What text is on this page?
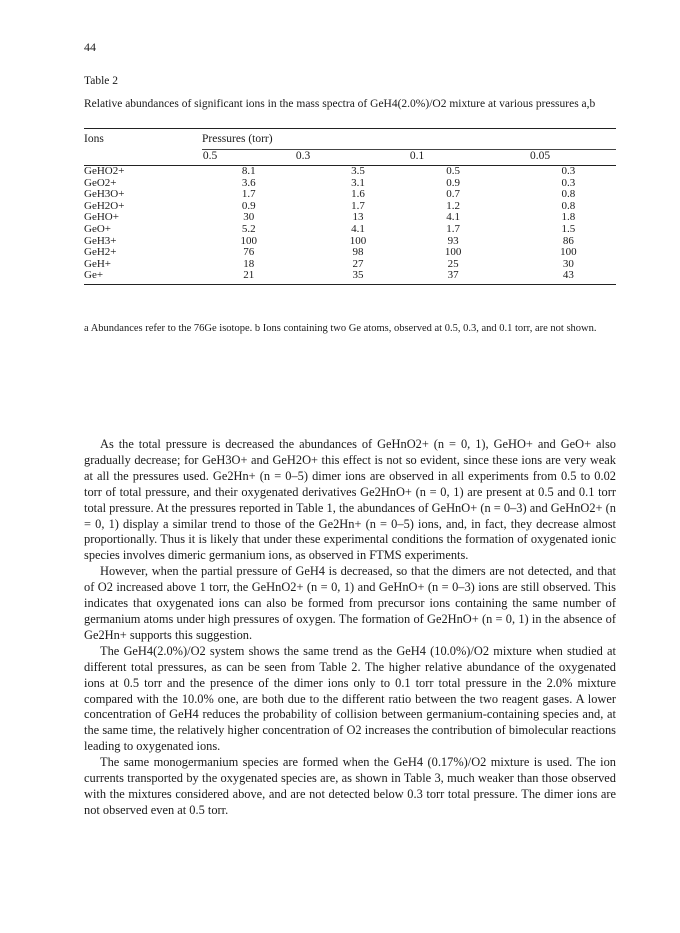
44
Table 2
Relative abundances of significant ions in the mass spectra of GeH4(2.0%)/O2 mixture at various pressures a,b
Ions	Pressures (torr)
0.5	0.3	0.1	0.05
GeHO2+	8.1	3.5	0.5	0.3
GeO2+	3.6	3.1	0.9	0.3
GeH3O+	1.7	1.6	0.7	0.8
GeH2O+	0.9	1.7	1.2	0.8
GeHO+	30	13	4.1	1.8
GeO+	5.2	4.1	1.7	1.5
GeH3+	100	100	93	86
GeH2+	76	98	100	100
GeH+	18	27	25	30
Ge+	21	35	37	43
a Abundances refer to the 76Ge isotope. b Ions containing two Ge atoms, observed at 0.5, 0.3, and 0.1 torr, are not shown.

As the total pressure is decreased the abundances of GeHnO2+ (n = 0, 1), GeHO+ and GeO+ also gradually decrease; for GeH3O+ and GeH2O+ this effect is not so evident, since these ions are very weak at all the pressures used. Ge2Hn+ (n = 0–5) dimer ions are observed in all experiments from 0.5 to 0.02 torr of total pressure, and their oxygenated derivatives Ge2HnO+ (n = 0, 1) are present at 0.5 and 0.1 torr total pressure. At the pressures reported in Table 1, the abundances of GeHnO+ (n = 0–3) and GeHnO2+ (n = 0, 1) display a similar trend to those of the Ge2Hn+ (n = 0–5) ions, and, in fact, they decrease almost proportionally. Thus it is likely that under these experimental conditions the formation of oxygenated ionic species involves dimeric germanium ions, as observed in FTMS experiments.

However, when the partial pressure of GeH4 is decreased, so that the dimers are not detected, and that of O2 increased above 1 torr, the GeHnO2+ (n = 0, 1) and GeHnO+ (n = 0–3) ions are still observed. This indicates that oxygenated ions can also be formed from precursor ions containing the same number of germanium atoms under high pressures of oxygen. The formation of Ge2HnO+ (n = 0, 1) in the absence of Ge2Hn+ supports this suggestion.

The GeH4(2.0%)/O2 system shows the same trend as the GeH4 (10.0%)/O2 mixture when studied at different total pressures, as can be seen from Table 2. The higher relative abundance of the oxygenated ions at 0.5 torr and the presence of the dimer ions only to 0.1 torr total pressure in the 2.0% mixture compared with the 10.0% one, are both due to the different ratio between the two reagent gases. A lower concentration of GeH4 reduces the probability of collision between germanium-containing species and, at the same time, the relatively higher concentration of O2 increases the contribution of bimolecular reactions leading to oxygenated ions.

The same monogermanium species are formed when the GeH4 (0.17%)/O2 mixture is used. The ion currents transported by the oxygenated species are, as shown in Table 3, much weaker than those observed with the mixtures considered above, and are not detected below 0.3 torr total pressure. The dimer ions are not observed even at 0.5 torr.
